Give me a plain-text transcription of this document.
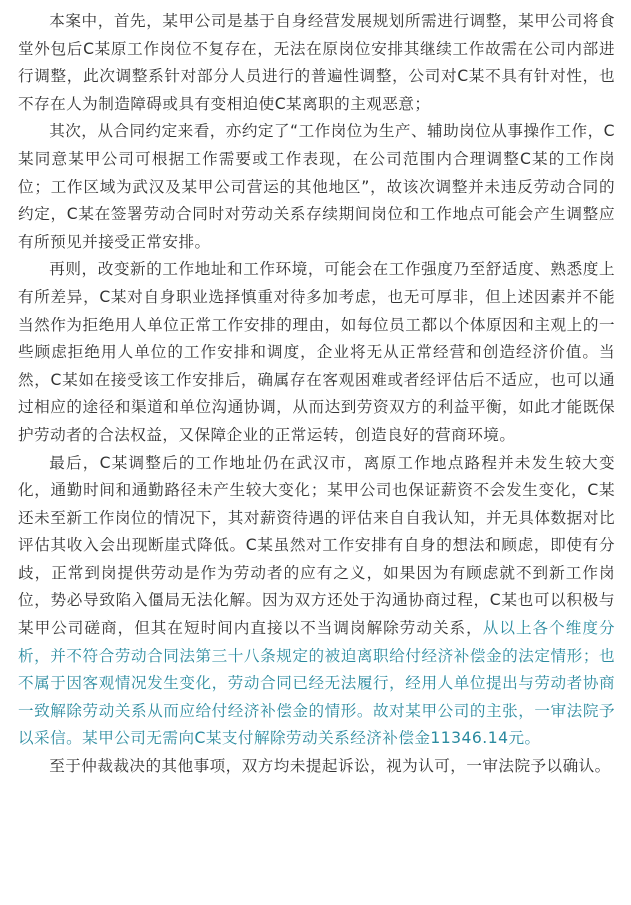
本案中，首先，某甲公司是基于自身经营发展规划所需进行调整，某甲公司将食堂外包后C某原工作岗位不复存在，无法在原岗位安排其继续工作故需在公司内部进行调整，此次调整系针对部分人员进行的普遍性调整，公司对C某不具有针对性，也不存在人为制造障碍或具有变相迫使C某离职的主观恶意；

其次，从合同约定来看，亦约定了“工作岗位为生产、辅助岗位从事操作工作，C某同意某甲公司可根据工作需要或工作表现，在公司范围内合理调整C某的工作岗位；工作区域为武汉及某甲公司营运的其他地区”，故该次调整并未违反劳动合同的约定，C某在签署劳动合同时对劳动关系存续期间岗位和工作地点可能会产生调整应有所预见并接受正常安排。

再则，改变新的工作地址和工作环境，可能会在工作强度乃至舒适度、熟悉度上有所差异，C某对自身职业选择慎重对待多加考虑，也无可厚非，但上述因素并不能当然作为拒绝用人单位正常工作安排的理由，如每位员工都以个体原因和主观上的一些顾虑拒绝用人单位的工作安排和调度，企业将无从正常经营和创造经济价值。当然，C某如在接受该工作安排后，确属存在客观困难或者经评估后不适应，也可以通过相应的途径和渠道和单位沟通协调，从而达到劳资双方的利益平衡，如此才能既保护劳动者的合法权益，又保障企业的正常运转，创造良好的营商环境。

最后，C某调整后的工作地址仍在武汉市，离原工作地点路程并未发生较大变化，通勤时间和通勤路径未产生较大变化；某甲公司也保证薪资不会发生变化，C某还未至新工作岗位的情况下，其对薪资待遇的评估来自自我认知，并无具体数据对比评估其收入会出现断崖式降低。C某虽然对工作安排有自身的想法和顾虑，即使有分歧，正常到岗提供劳动是作为劳动者的应有之义，如果因为有顾虑就不到新工作岗位，势必导致陷入僵局无法化解。因为双方还处于沟通协商过程，C某也可以积极与某甲公司磋商，但其在短时间内直接以不当调岗解除劳动关系，从以上各个维度分析，并不符合劳动合同法第三十八条规定的被迫离职给付经济补偿金的法定情形；也不属于因客观情况发生变化，劳动合同已经无法履行，经用人单位提出与劳动者协商一致解除劳动关系从而应给付经济补偿金的情形。故对某甲公司的主张，一审法院予以采信。某甲公司无需向C某支付解除劳动关系经济补偿金11346.14元。

至于仲裁裁决的其他事项，双方均未提起诉讼，视为认可，一审法院予以确认。
